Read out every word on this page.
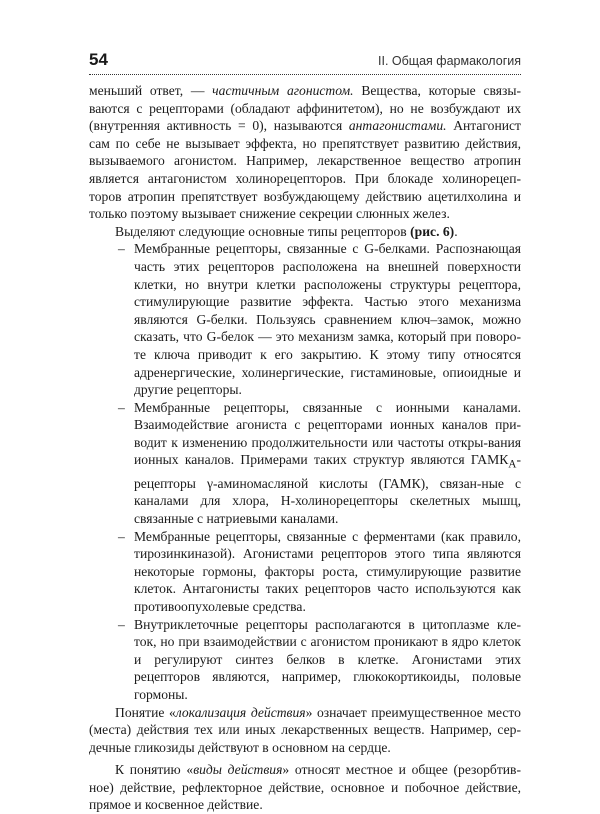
54	II. Общая фармакология

меньший ответ, — частичным агонистом. Вещества, которые связы-ваются с рецепторами (обладают аффинитетом), но не возбуждают их (внутренняя активность = 0), называются антагонистами. Антагонист сам по себе не вызывает эффекта, но препятствует развитию действия, вызываемого агонистом. Например, лекарственное вещество атропин является антагонистом холинорецепторов. При блокаде холинорецеп-торов атропин препятствует возбуждающему действию ацетилхолина и только поэтому вызывает снижение секреции слюнных желез.

Выделяют следующие основные типы рецепторов (рис. 6).

– Мембранные рецепторы, связанные с G-белками. Распознающая часть этих рецепторов расположена на внешней поверхности клетки, но внутри клетки расположены структуры рецептора, стимулирующие развитие эффекта. Частью этого механизма являются G-белки. Пользуясь сравнением ключ–замок, можно сказать, что G-белок — это механизм замка, который при поворо-те ключа приводит к его закрытию. К этому типу относятся адренергические, холинергические, гистаминовые, опиоидные и другие рецепторы.
– Мембранные рецепторы, связанные с ионными каналами. Взаимодействие агониста с рецепторами ионных каналов при-водит к изменению продолжительности или частоты откры-вания ионных каналов. Примерами таких структур являются $ГАМК_А$-рецепторы γ-аминомасляной кислоты (ГАМК), связан-ные с каналами для хлора, Н-холинорецепторы скелетных мышц, связанные с натриевыми каналами.
– Мембранные рецепторы, связанные с ферментами (как правило, тирозинкиназой). Агонистами рецепторов этого типа являются некоторые гормоны, факторы роста, стимулирующие развитие клеток. Антагонисты таких рецепторов часто используются как противоопухолевые средства.
– Внутриклеточные рецепторы располагаются в цитоплазме кле-ток, но при взаимодействии с агонистом проникают в ядро клеток и регулируют синтез белков в клетке. Агонистами этих рецепторов являются, например, глюкокортикоиды, половые гормоны.

Понятие «локализация действия» означает преимущественное место (места) действия тех или иных лекарственных веществ. Например, сер-дечные гликозиды действуют в основном на сердце.

К понятию «виды действия» относят местное и общее (резорбтив-ное) действие, рефлекторное действие, основное и побочное действие, прямое и косвенное действие.
